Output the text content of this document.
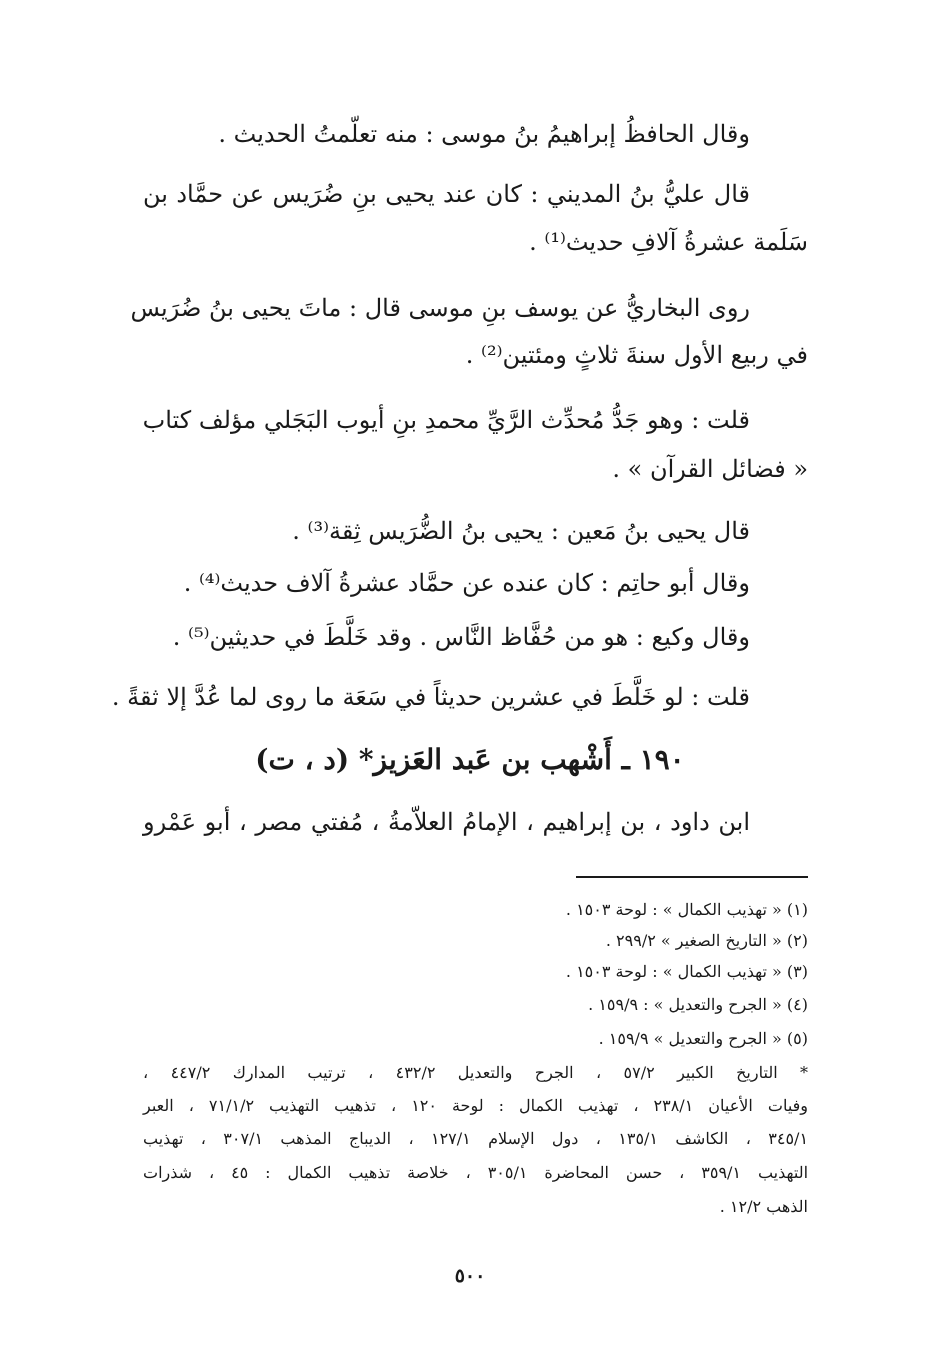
وقال الحافظُ إبراهيمُ بنُ موسى : منه تعلّمتُ الحديث .
قال عليُّ بنُ المديني : كان عند يحيى بنِ ضُرَيس عن حمَّاد بن
سَلَمة عشرةُ آلافِ حديث⁽¹⁾ .
روى البخاريُّ عن يوسف بنِ موسى قال : ماتَ يحيى بنُ ضُرَيس
في ربيع الأول سنةَ ثلاثٍ ومئتين⁽²⁾ .
قلت : وهو جَدُّ مُحدِّث الرَّيِّ محمدِ بنِ أيوب البَجَلي مؤلف كتاب
« فضائل القرآن » .
قال يحيى بنُ مَعين : يحيى بنُ الضُّرَيس ثِقة⁽³⁾ .
وقال أبو حاتِم : كان عنده عن حمَّاد عشرةُ آلاف حديث⁽⁴⁾ .
وقال وكيع : هو من حُفَّاظ النَّاس . وقد خَلَّطَ في حديثين⁽⁵⁾ .
قلت : لو خَلَّطَ في عشرين حديثاً في سَعَة ما روى لما عُدَّ إلا ثقةً .
١٩٠ ـ أَشْهب بن عَبد العَزيز* (د ، ت)
ابن داود ، بن إبراهيم ، الإمامُ العلاّمةُ ، مُفتي مصر ، أبو عَمْرو
(١) « تهذيب الكمال » : لوحة ١٥٠٣ .
(٢) « التاريخ الصغير » ٢٩٩/٢ .
(٣) « تهذيب الكمال » : لوحة ١٥٠٣ .
(٤) « الجرح والتعديل » : ١٥٩/٩ .
(٥) « الجرح والتعديل » ١٥٩/٩ .
* التاريخ الكبير ٥٧/٢ ، الجرح والتعديل ٤٣٢/٢ ، ترتيب المدارك ٤٤٧/٢ ،
وفيات الأعيان ٢٣٨/١ ، تهذيب الكمال : لوحة ١٢٠ ، تذهيب التهذيب ٧١/١/٢ ، العبر
٣٤٥/١ ، الكاشف ١٣٥/١ ، دول الإسلام ١٢٧/١ ، الديباج المذهب ٣٠٧/١ ، تهذيب
التهذيب ٣٥٩/١ ، حسن المحاضرة ٣٠٥/١ ، خلاصة تذهيب الكمال : ٤٥ ، شذرات
الذهب ١٢/٢ .
٥٠٠
